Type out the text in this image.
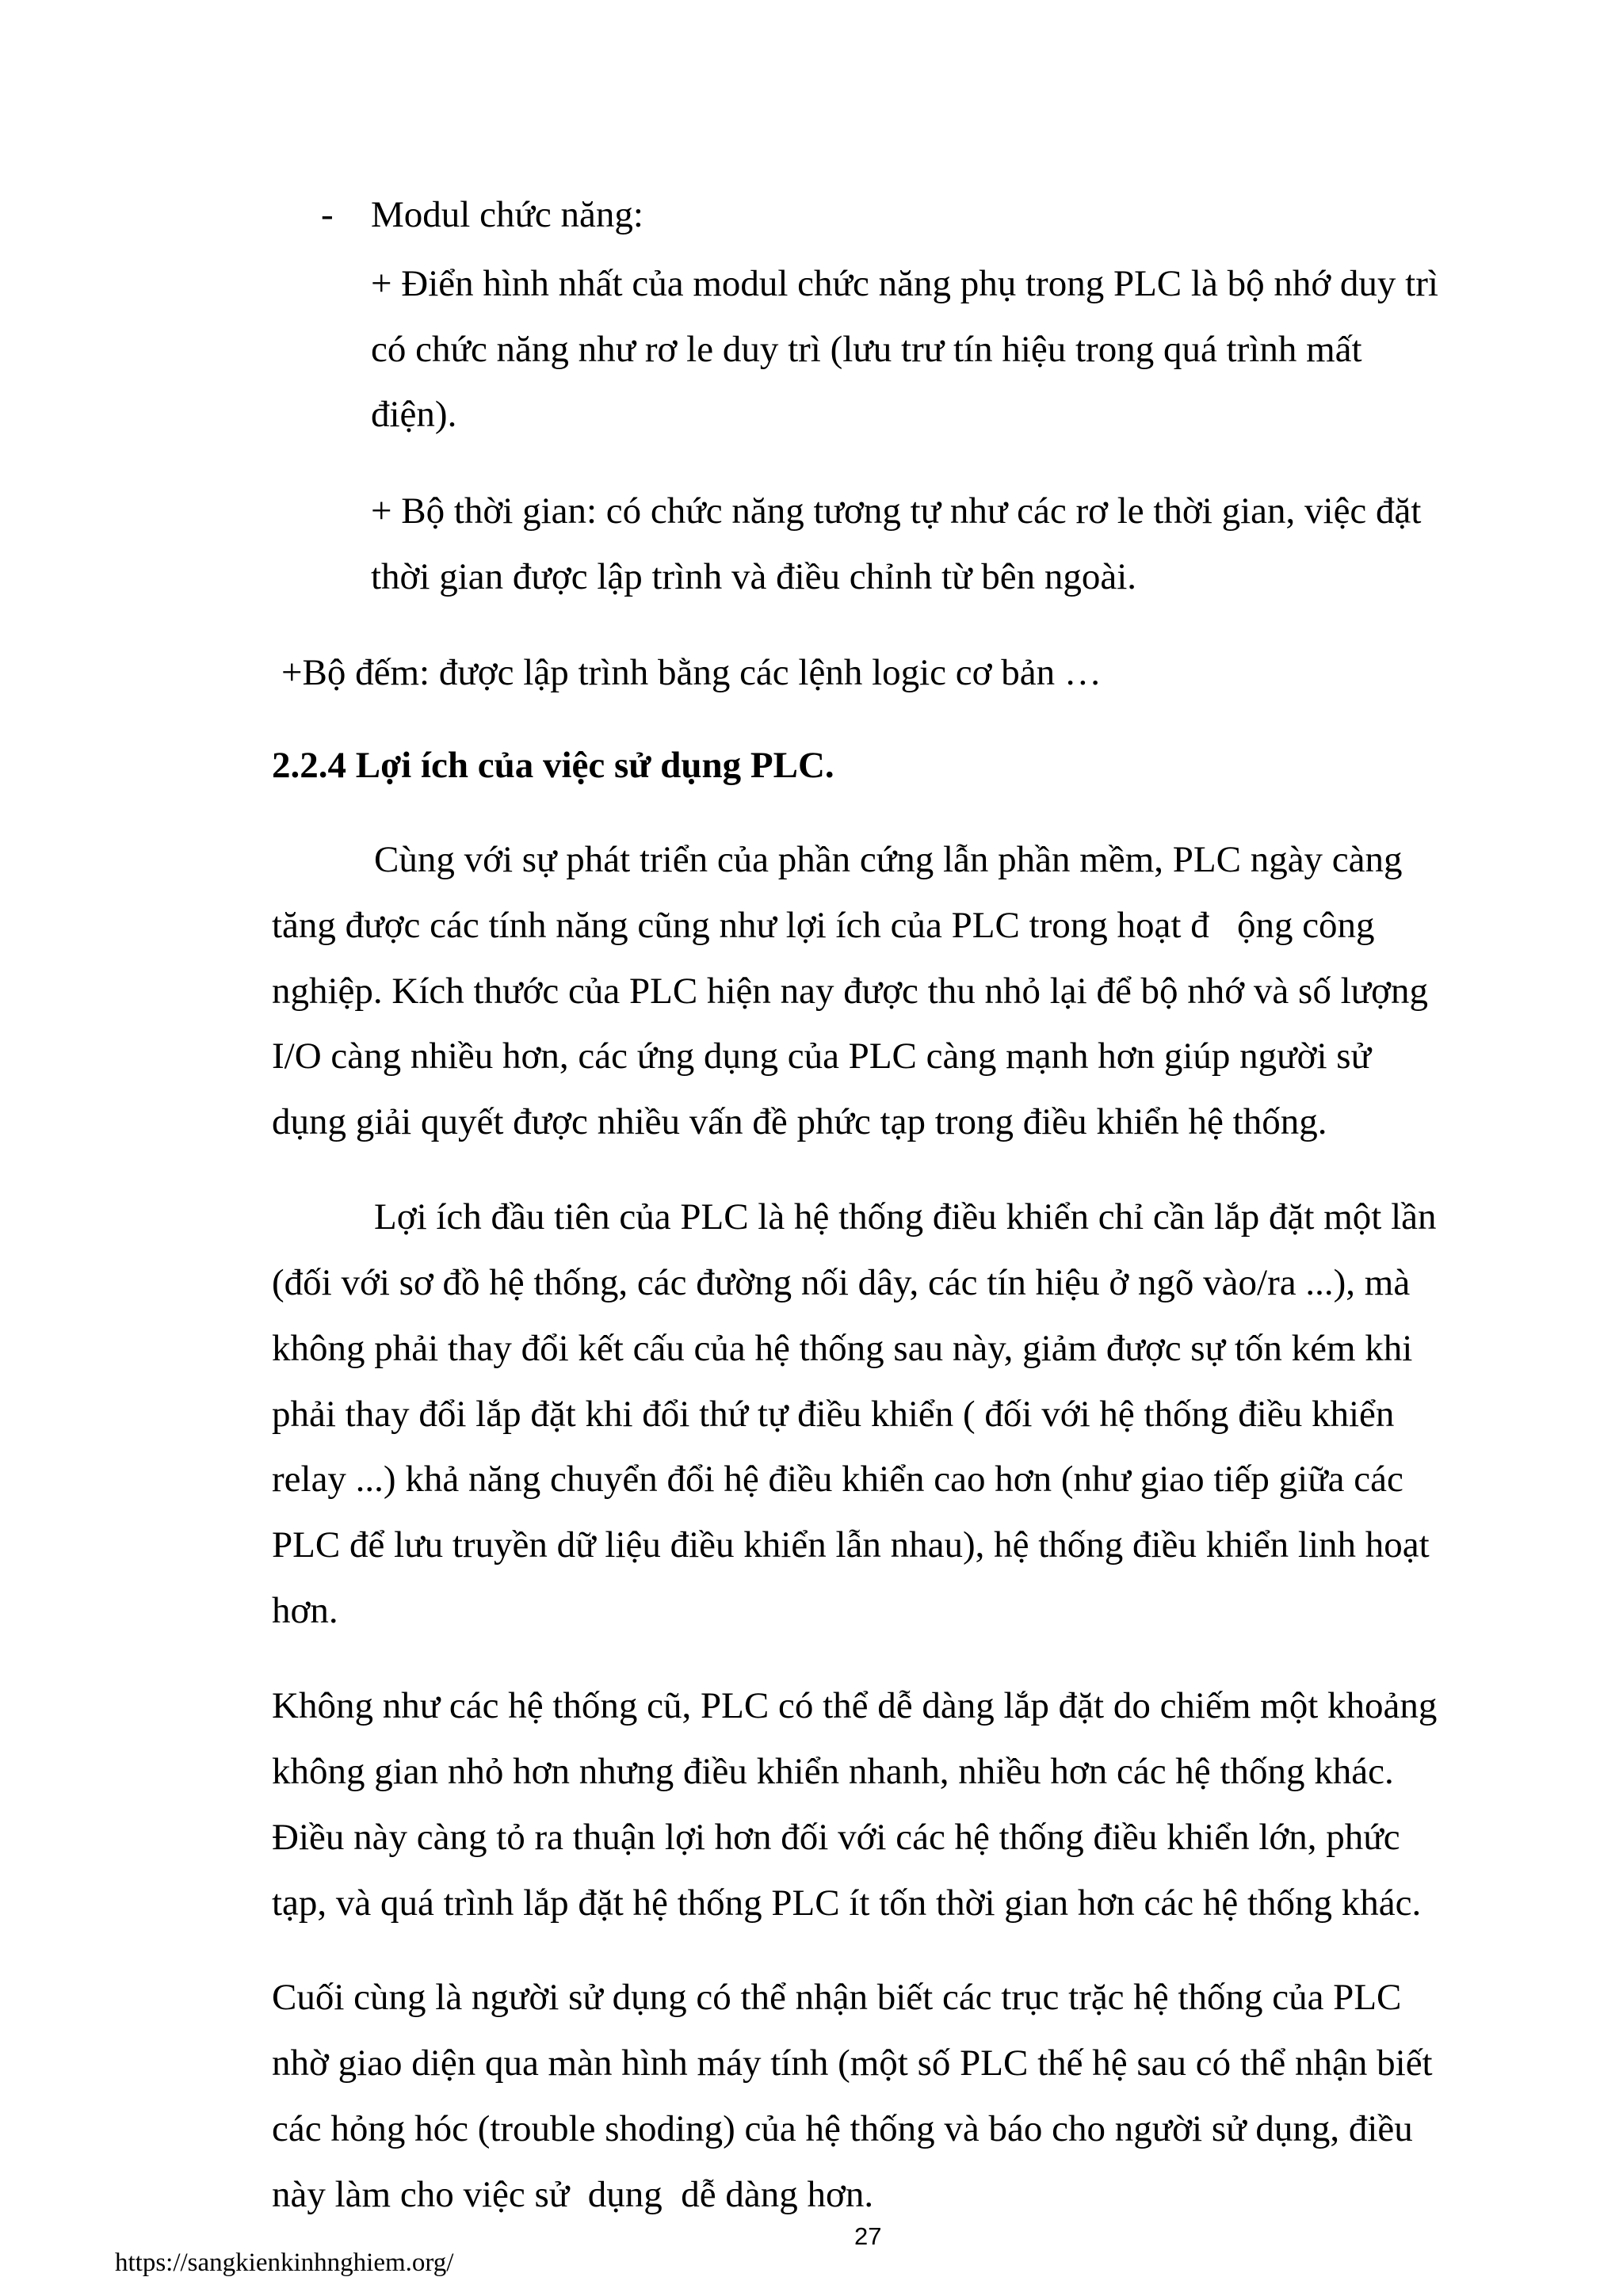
- Modul chức năng:
+ Điển hình nhất của modul chức năng phụ trong PLC là bộ nhớ duy trì
có chức năng như rơ le duy trì (lưu trư tín hiệu trong quá trình mất
điện).
+ Bộ thời gian: có chức năng tương tự như các rơ le thời gian, việc đặt
thời gian được lập trình và điều chỉnh từ bên ngoài.
+Bộ đếm: được lập trình bằng các lệnh logic cơ bản …
2.2.4 Lợi ích của việc sử dụng PLC.
Cùng với sự phát triển của phần cứng lẫn phần mềm, PLC ngày càng
tăng được các tính năng cũng như lợi ích của PLC trong hoạt đ   ộng công
nghiệp. Kích thước của PLC hiện nay được thu nhỏ lại để bộ nhớ và số lượng
I/O càng nhiều hơn, các ứng dụng của PLC càng mạnh hơn giúp người sử
dụng giải quyết được nhiều vấn đề phức tạp trong điều khiển hệ thống.
Lợi ích đầu tiên của PLC là hệ thống điều khiển chỉ cần lắp đặt một lần
(đối với sơ đồ hệ thống, các đường nối dây, các tín hiệu ở ngõ vào/ra ...), mà
không phải thay đổi kết cấu của hệ thống sau này, giảm được sự tốn kém khi
phải thay đổi lắp đặt khi đổi thứ tự điều khiển ( đối với hệ thống điều khiển
relay ...) khả năng chuyển đổi hệ điều khiển cao hơn (như giao tiếp giữa các
PLC để lưu truyền dữ liệu điều khiển lẫn nhau), hệ thống điều khiển linh hoạt
hơn.
Không như các hệ thống cũ, PLC có thể dễ dàng lắp đặt do chiếm một khoảng
không gian nhỏ hơn nhưng điều khiển nhanh, nhiều hơn các hệ thống khác.
Điều này càng tỏ ra thuận lợi hơn đối với các hệ thống điều khiển lớn, phức
tạp, và quá trình lắp đặt hệ thống PLC ít tốn thời gian hơn các hệ thống khác.
Cuối cùng là người sử dụng có thể nhận biết các trục trặc hệ thống của PLC
nhờ giao diện qua màn hình máy tính (một số PLC thế hệ sau có thể nhận biết
các hỏng hóc (trouble shoding) của hệ thống và báo cho người sử dụng, điều
này làm cho việc sử  dụng  dễ dàng hơn.
https://sangkienkinhnghiem.org/
27
